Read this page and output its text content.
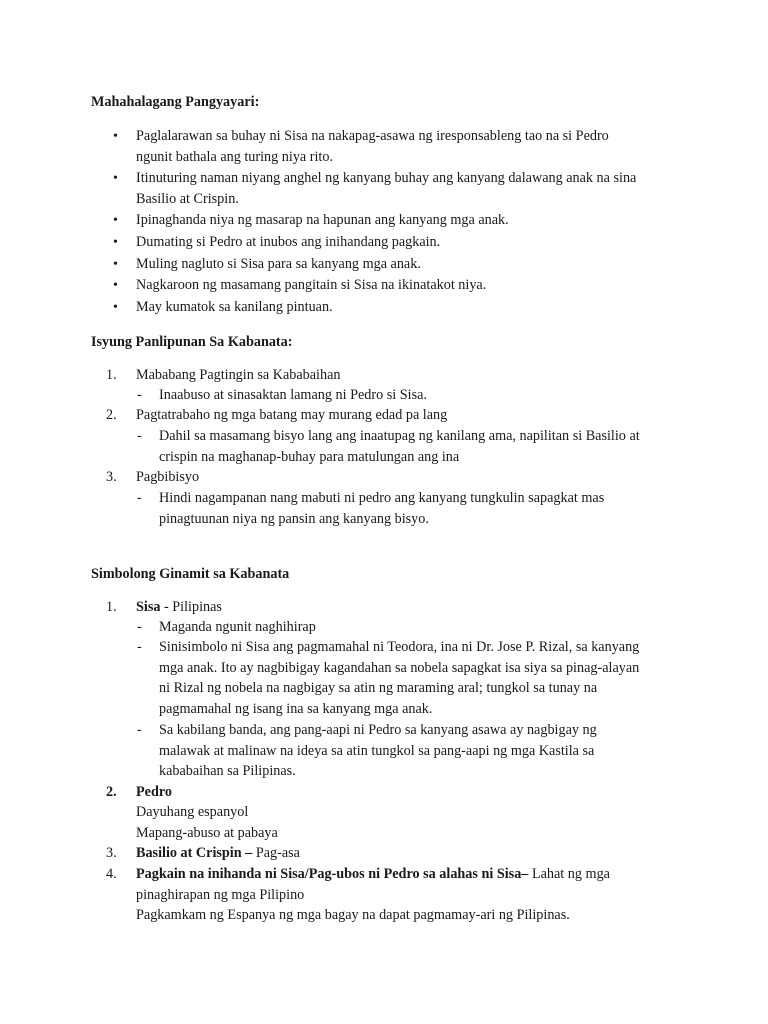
Mahahalagang Pangyayari:
• Paglalarawan sa buhay ni Sisa na nakapag-asawa ng iresponsableng tao na si Pedro
ngunit bathala ang turing niya rito.
• Itinuturing naman niyang anghel ng kanyang buhay ang kanyang dalawang anak na sina
Basilio at Crispin.
• Ipinaghanda niya ng masarap na hapunan ang kanyang mga anak.
• Dumating si Pedro at inubos ang inihandang pagkain.
• Muling nagluto si Sisa para sa kanyang mga anak.
• Nagkaroon ng masamang pangitain si Sisa na ikinatakot niya.
• May kumatok sa kanilang pintuan.
Isyung Panlipunan Sa Kabanata:
1. Mababang Pagtingin sa Kababaihan
- Inaabuso at sinasaktan lamang ni Pedro si Sisa.
2. Pagtatrabaho ng mga batang may murang edad pa lang
- Dahil sa masamang bisyo lang ang inaatupag ng kanilang ama, napilitan si Basilio at
crispin na maghanap-buhay para matulungan ang ina
3. Pagbibisyo
- Hindi nagampanan nang mabuti ni pedro ang kanyang tungkulin sapagkat mas
pinagtuunan niya ng pansin ang kanyang bisyo.
Simbolong Ginamit sa Kabanata
1. Sisa - Pilipinas
- Maganda ngunit naghihirap
- Sinisimbolo ni Sisa ang pagmamahal ni Teodora, ina ni Dr. Jose P. Rizal, sa kanyang
mga anak. Ito ay nagbibigay kagandahan sa nobela sapagkat isa siya sa pinag-alayan
ni Rizal ng nobela na nagbigay sa atin ng maraming aral; tungkol sa tunay na
pagmamahal ng isang ina sa kanyang mga anak.
- Sa kabilang banda, ang pang-aapi ni Pedro sa kanyang asawa ay nagbigay ng
malawak at malinaw na ideya sa atin tungkol sa pang-aapi ng mga Kastila sa
kababaihan sa Pilipinas.
2. Pedro
Dayuhang espanyol
Mapang-abuso at pabaya
3. Basilio at Crispin – Pag-asa
4. Pagkain na inihanda ni Sisa/Pag-ubos ni Pedro sa alahas ni Sisa– Lahat ng mga
pinaghirapan ng mga Pilipino
Pagkamkam ng Espanya ng mga bagay na dapat pagmamay-ari ng Pilipinas.
